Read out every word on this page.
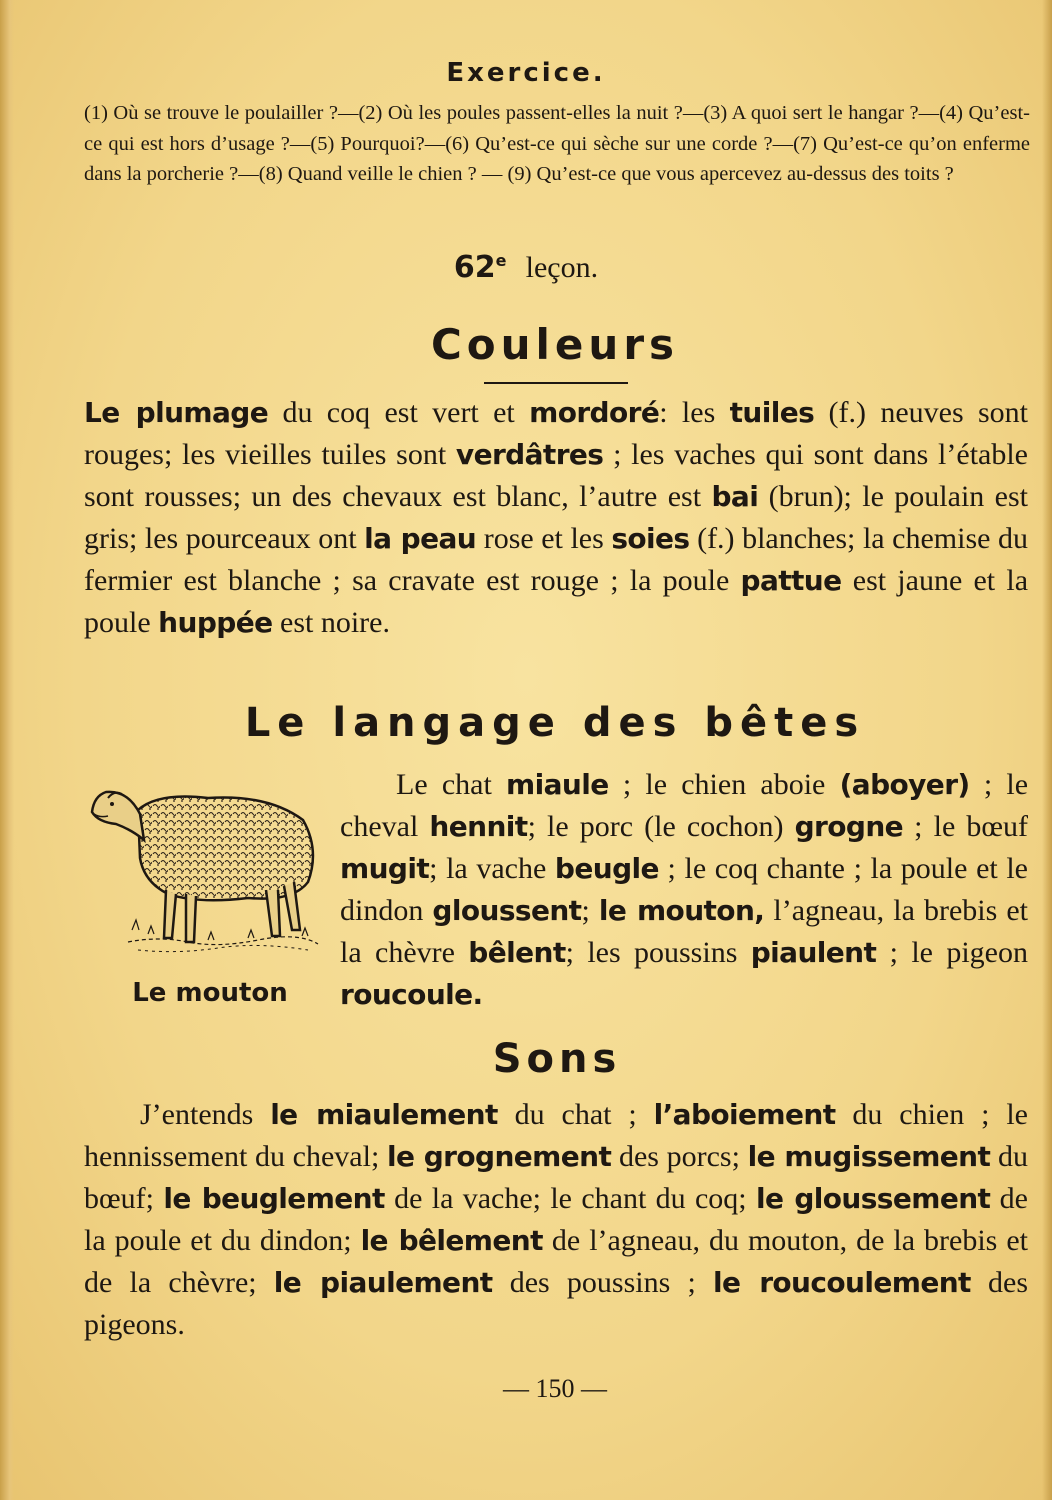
Exercice.
(1) Où se trouve le poulailler ?—(2) Où les poules passent-elles la nuit ?—(3) A quoi sert le hangar ?—(4) Qu’est-ce qui est hors d’usage ?—(5) Pourquoi?—(6) Qu’est-ce qui sèche sur une corde ?—(7) Qu’est-ce qu’on enferme dans la porcherie ?—(8) Quand veille le chien ? — (9) Qu’est-ce que vous apercevez au-dessus des toits ?
62e leçon.
Couleurs
Le plumage du coq est vert et mordoré: les tuiles (f.) neuves sont rouges; les vieilles tuiles sont verdâtres ; les vaches qui sont dans l’étable sont rousses; un des chevaux est blanc, l’autre est bai (brun); le poulain est gris; les pourceaux ont la peau rose et les soies (f.) blanches; la chemise du fermier est blanche ; sa cravate est rouge ; la poule pattue est jaune et la poule huppée est noire.
Le langage des bêtes
Le mouton
Le chat miaule ; le chien aboie (aboyer) ; le cheval hennit; le porc (le cochon) grogne ; le bœuf mugit; la vache beugle ; le coq chante ; la poule et le dindon gloussent; le mouton, l’agneau, la brebis et la chèvre bêlent; les poussins piaulent ; le pigeon roucoule.
Sons
J’entends le miaulement du chat ; l’aboiement du chien ; le hennissement du cheval; le grognement des porcs; le mugissement du bœuf; le beuglement de la vache; le chant du coq; le gloussement de la poule et du dindon; le bêlement de l’agneau, du mouton, de la brebis et de la chèvre; le piaulement des poussins ; le roucoulement des pigeons.
— 150 —
